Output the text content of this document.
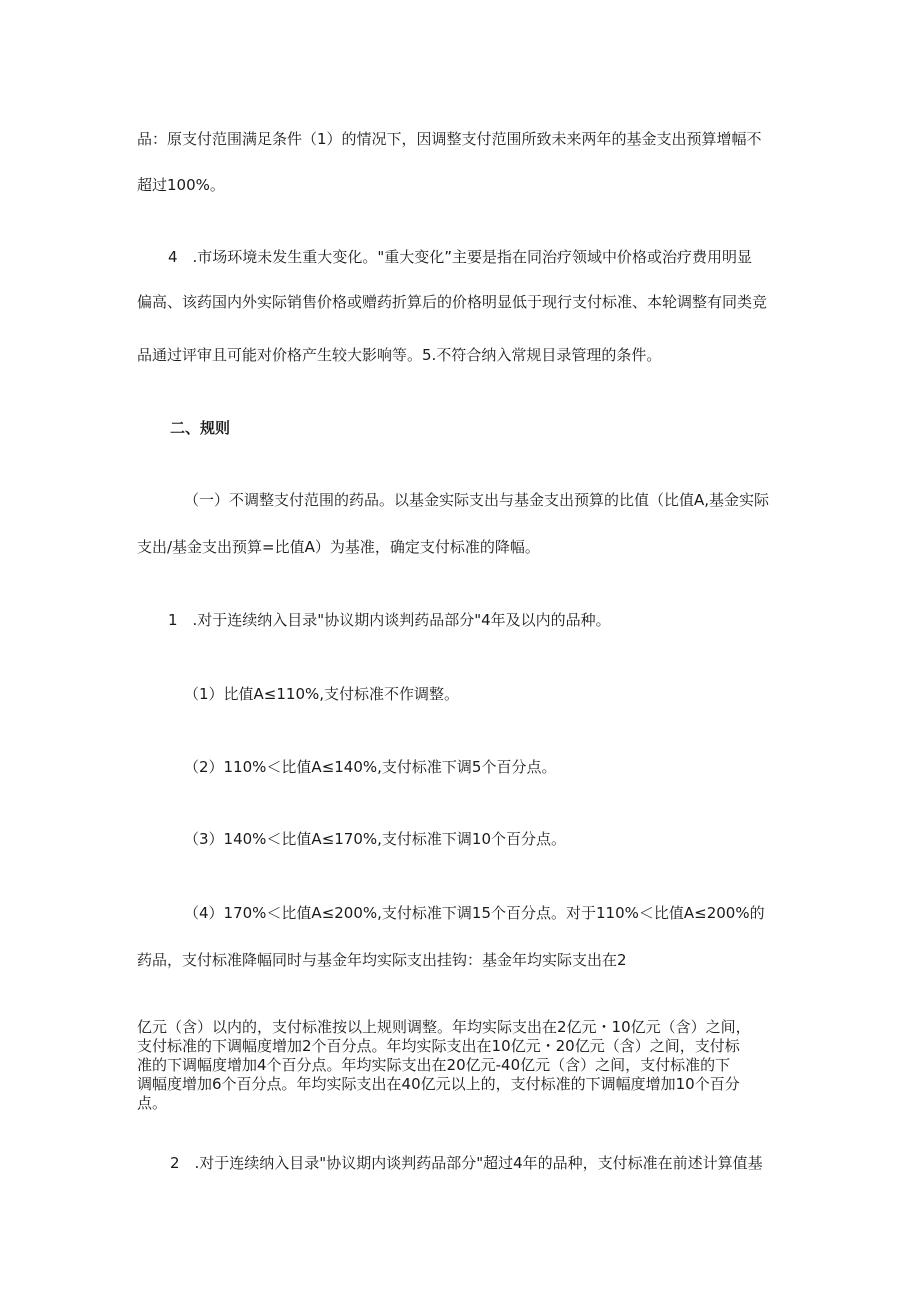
品：原支付范围满足条件（1）的情况下，因调整支付范围所致未来两年的基金支出预算增幅不

超过100%。

4　.市场环境未发生重大变化。"重大变化”主要是指在同治疗领域中价格或治疗费用明显

偏高、该药国内外实际销售价格或赠药折算后的价格明显低于现行支付标准、本轮调整有同类竞

品通过评审且可能对价格产生较大影响等。5.不符合纳入常规目录管理的条件。

二、规则

（一）不调整支付范围的药品。以基金实际支出与基金支出预算的比值（比值A,基金实际

支出/基金支出预算=比值A）为基准，确定支付标准的降幅。

1　.对于连续纳入目录"协议期内谈判药品部分"4年及以内的品种。

（1）比值A≤110%,支付标准不作调整。

（2）110%＜比值A≤140%,支付标准下调5个百分点。

（3）140%＜比值A≤170%,支付标准下调10个百分点。

（4）170%＜比值A≤200%,支付标准下调15个百分点。对于110%＜比值A≤200%的

药品，支付标准降幅同时与基金年均实际支出挂钩：基金年均实际支出在2

亿元（含）以内的，支付标准按以上规则调整。年均实际支出在2亿元・10亿元（含）之间，
支付标准的下调幅度增加2个百分点。年均实际支出在10亿元・20亿元（含）之间，支付标
准的下调幅度增加4个百分点。年均实际支出在20亿元-40亿元（含）之间，支付标准的下
调幅度增加6个百分点。年均实际支出在40亿元以上的，支付标准的下调幅度增加10个百分
点。

2　.对于连续纳入目录"协议期内谈判药品部分"超过4年的品种，支付标准在前述计算值基
